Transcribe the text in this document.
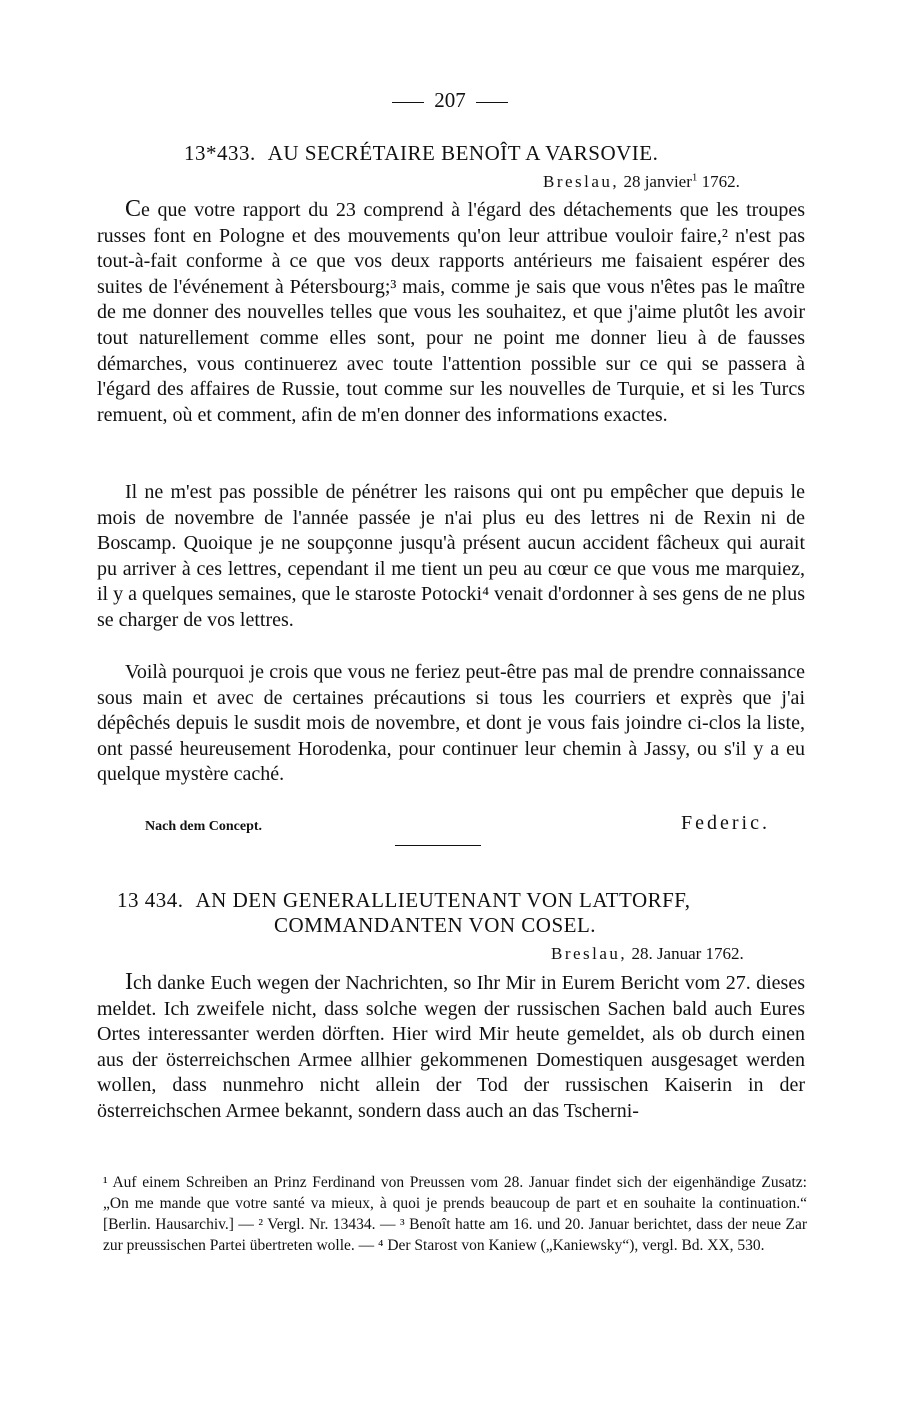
207
13*433. AU SECRÉTAIRE BENOÎT A VARSOVIE.
Breslau, 28 janvier$^1$ 1762.

Ce que votre rapport du 23 comprend à l'égard des détachements que les troupes russes font en Pologne et des mouvements qu'on leur attribue vouloir faire,² n'est pas tout-à-fait conforme à ce que vos deux rapports antérieurs me faisaient espérer des suites de l'événement à Pétersbourg;³ mais, comme je sais que vous n'êtes pas le maître de me donner des nouvelles telles que vous les souhaitez, et que j'aime plutôt les avoir tout naturellement comme elles sont, pour ne point me donner lieu à de fausses démarches, vous continuerez avec toute l'attention possible sur ce qui se passera à l'égard des affaires de Russie, tout comme sur les nouvelles de Turquie, et si les Turcs remuent, où et comment, afin de m'en donner des informations exactes.

Il ne m'est pas possible de pénétrer les raisons qui ont pu empêcher que depuis le mois de novembre de l'année passée je n'ai plus eu des lettres ni de Rexin ni de Boscamp. Quoique je ne soupçonne jusqu'à présent aucun accident fâcheux qui aurait pu arriver à ces lettres, cependant il me tient un peu au cœur ce que vous me marquiez, il y a quelques semaines, que le staroste Potocki⁴ venait d'ordonner à ses gens de ne plus se charger de vos lettres.

Voilà pourquoi je crois que vous ne feriez peut-être pas mal de prendre connaissance sous main et avec de certaines précautions si tous les courriers et exprès que j'ai dépêchés depuis le susdit mois de novembre, et dont je vous fais joindre ci-clos la liste, ont passé heureusement Horodenka, pour continuer leur chemin à Jassy, ou s'il y a eu quelque mystère caché.

Nach dem Concept.	Federic.
13 434. AN DEN GENERALLIEUTENANT VON LATTORFF,
COMMANDANTEN VON COSEL.
Breslau, 28. Januar 1762.

Ich danke Euch wegen der Nachrichten, so Ihr Mir in Eurem Bericht vom 27. dieses meldet. Ich zweifele nicht, dass solche wegen der russischen Sachen bald auch Eures Ortes interessanter werden dörften. Hier wird Mir heute gemeldet, als ob durch einen aus der österreichschen Armee allhier gekommenen Domestiquen ausgesaget werden wollen, dass nunmehro nicht allein der Tod der russischen Kaiserin in der österreichschen Armee bekannt, sondern dass auch an das Tscherni-

¹ Auf einem Schreiben an Prinz Ferdinand von Preussen vom 28. Januar findet sich der eigenhändige Zusatz: „On me mande que votre santé va mieux, à quoi je prends beaucoup de part et en souhaite la continuation.“ [Berlin. Hausarchiv.] — ² Vergl. Nr. 13434. — ³ Benoît hatte am 16. und 20. Januar berichtet, dass der neue Zar zur preussischen Partei übertreten wolle. — ⁴ Der Starost von Kaniew („Kaniewsky“), vergl. Bd. XX, 530.
